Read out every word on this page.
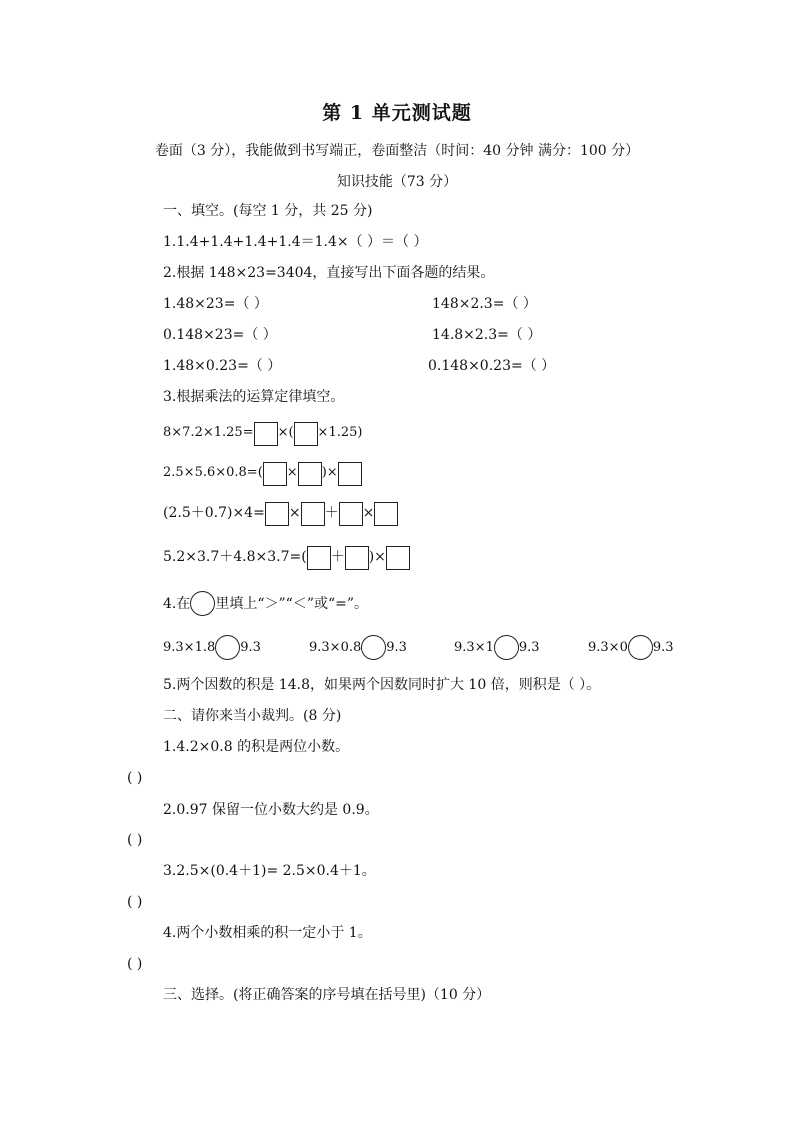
第 1 单元测试题
卷面（3 分），我能做到书写端正，卷面整洁（时间：40 分钟 满分：100 分）
知识技能（73 分）
一、填空。(每空 1 分，共 25 分)
1.1.4+1.4+1.4+1.4＝1.4×（ ）＝（ ）
2.根据 148×23=3404，直接写出下面各题的结果。
1.48×23=（ ）	148×2.3=（ ）
0.148×23=（ ）	14.8×2.3=（ ）
1.48×0.23=（ ）	0.148×0.23=（ ）
3.根据乘法的运算定律填空。
8×7.2×1.25= ×( ×1.25)
2.5×5.6×0.8=( × )×
(2.5＋0.7)×4= × ＋ ×
5.2×3.7＋4.8×3.7=( ＋ )×
4.在 里填上“＞”“＜”或“=”。
9.3×1.8 9.3	9.3×0.8 9.3	9.3×1 9.3	9.3×0 9.3
5.两个因数的积是 14.8，如果两个因数同时扩大 10 倍，则积是（ ）。
二、请你来当小裁判。(8 分)
1.4.2×0.8 的积是两位小数。
( )
2.0.97 保留一位小数大约是 0.9。
( )
3.2.5×(0.4＋1)= 2.5×0.4＋1。
( )
4.两个小数相乘的积一定小于 1。
( )
三、选择。(将正确答案的序号填在括号里)（10 分）
